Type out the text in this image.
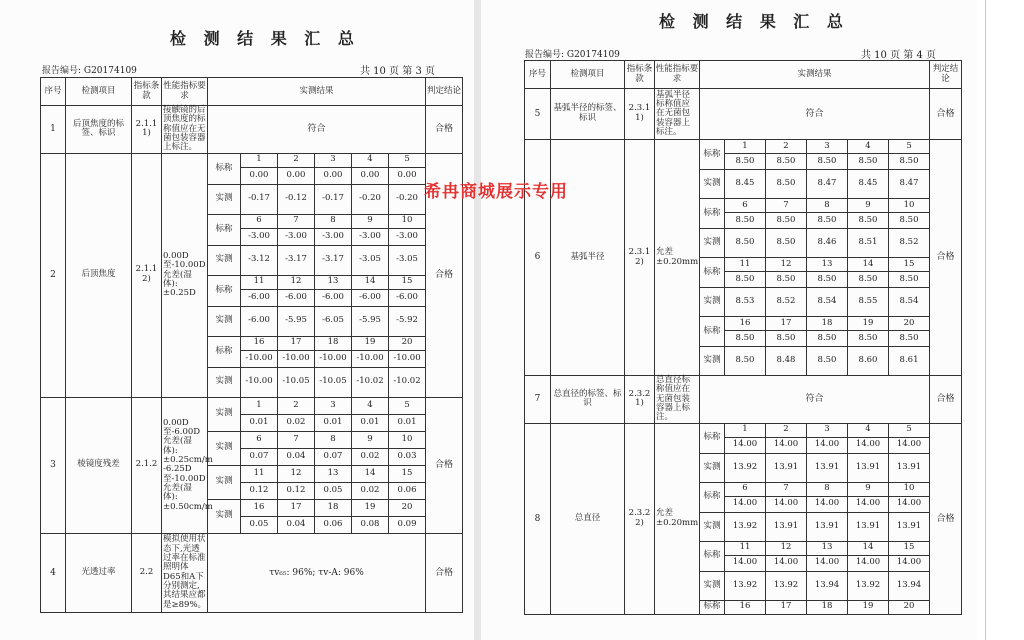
检 测 结 果 汇 总
报告编号: G20174109	共 10 页 第 3 页
序号	检测项目	指标条款	性能指标要求	实测结果						判定结论
1	后顶焦度的标签、标识	2.1.1 1)	接触镜的后顶焦度的标称值应在无菌包装容器上标注。	符合						合格
2	后顶焦度	2.1.1 2)	0.00D至-10.00D允差(湿体): ±0.25D	标称	1	2	3	4	5	合格
					0.00	0.00	0.00	0.00	0.00	
				实测	-0.17	-0.12	-0.17	-0.20	-0.20	
				标称	6	7	8	9	10	
					-3.00	-3.00	-3.00	-3.00	-3.00	
				实测	-3.12	-3.17	-3.17	-3.05	-3.05	
				标称	11	12	13	14	15	
					-6.00	-6.00	-6.00	-6.00	-6.00	
				实测	-6.00	-5.95	-6.05	-5.95	-5.92	
				标称	16	17	18	19	20	
					-10.00	-10.00	-10.00	-10.00	-10.00	
				实测	-10.00	-10.05	-10.05	-10.02	-10.02	
3	棱镜度残差	2.1.2	0.00D至-6.00D允差(湿体): ±0.25cm/m -6.25D至-10.00D允差(湿体): ±0.50cm/m	实测	1	2	3	4	5	合格
					0.01	0.02	0.01	0.01	0.01	
				实测	6	7	8	9	10	
					0.07	0.04	0.07	0.02	0.03	
				实测	11	12	13	14	15	
					0.12	0.12	0.05	0.02	0.06	
				实测	16	17	18	19	20	
					0.05	0.04	0.06	0.08	0.09	
4	光透过率	2.2	模拟使用状态下,光透过率在标准照明体D65和A下分别测定,其结果应都是≥89%。	τv₆₅: 96%; τv-A: 96%						合格
检 测 结 果 汇 总
报告编号: G20174109	共 10 页 第 4 页
序号	检测项目	指标条款	性能指标要求	实测结果						判定结论
5	基弧半径的标签、标识	2.3.1 1)	基弧半径标称值应在无菌包装容器上标注。	符合						合格
6	基弧半径	2.3.1 2)	允差 ±0.20mm	标称	1	2	3	4	5	合格
					8.50	8.50	8.50	8.50	8.50	
				实测	8.45	8.50	8.47	8.45	8.47	
				标称	6	7	8	9	10	
					8.50	8.50	8.50	8.50	8.50	
				实测	8.50	8.50	8.46	8.51	8.52	
				标称	11	12	13	14	15	
					8.50	8.50	8.50	8.50	8.50	
				实测	8.53	8.52	8.54	8.55	8.54	
				标称	16	17	18	19	20	
					8.50	8.50	8.50	8.50	8.50	
				实测	8.50	8.48	8.50	8.60	8.61	
7	总直径的标签、标识	2.3.2 1)	总直径标称值应在无菌包装容器上标注。	符合						合格
8	总直径	2.3.2 2)	允差 ±0.20mm	标称	1	2	3	4	5	合格
					14.00	14.00	14.00	14.00	14.00	
				实测	13.92	13.91	13.91	13.91	13.91	
				标称	6	7	8	9	10	
					14.00	14.00	14.00	14.00	14.00	
				实测	13.92	13.91	13.91	13.91	13.91	
				标称	11	12	13	14	15	
					14.00	14.00	14.00	14.00	14.00	
				实测	13.92	13.92	13.94	13.92	13.94	
				标称	16	17	18	19	20	
希冉商城展示专用
